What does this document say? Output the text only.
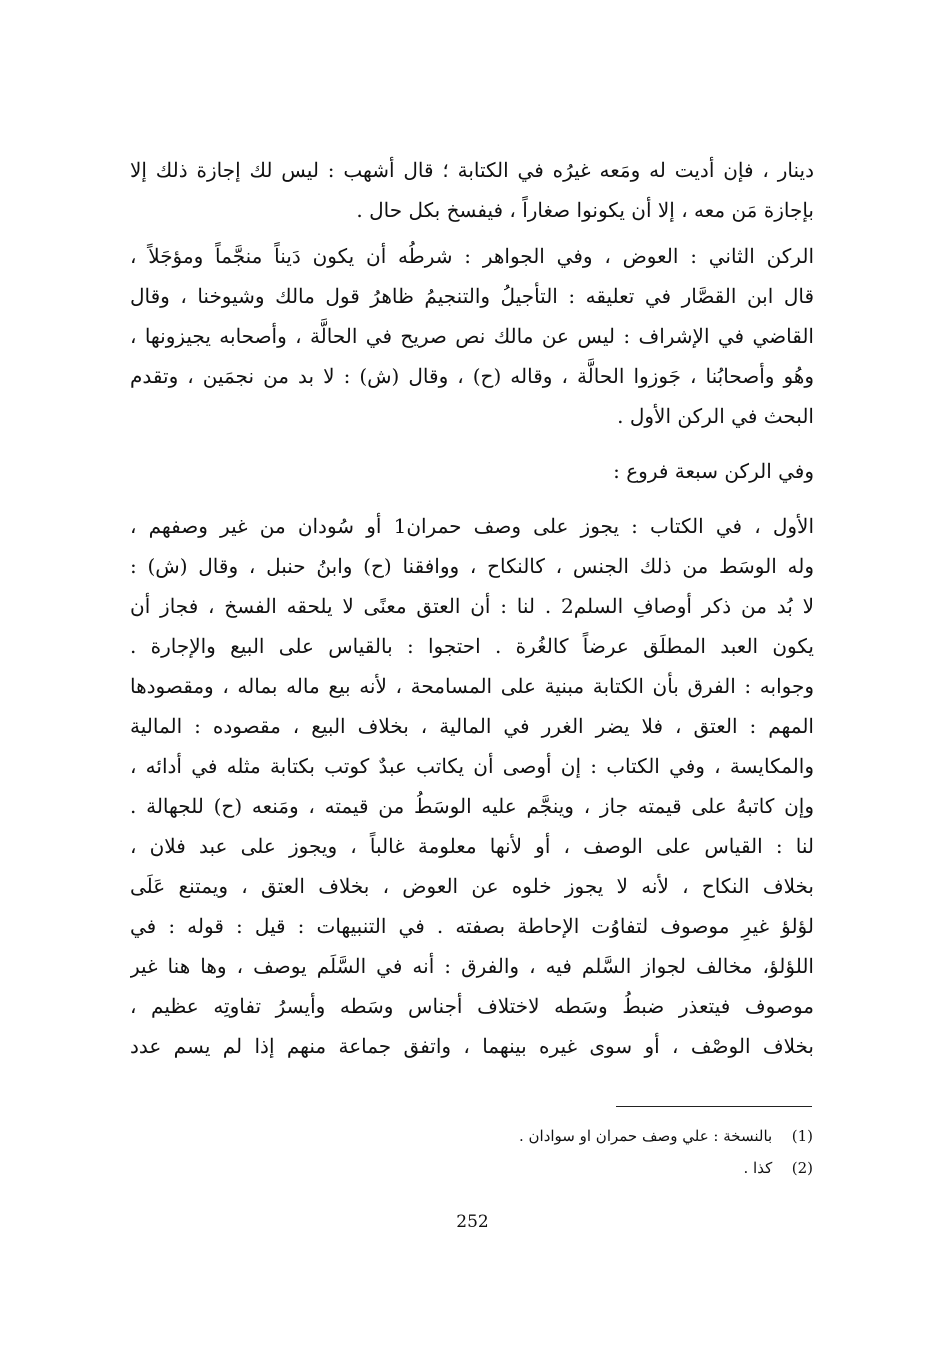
دينار ، فإن أديت له ومَعه غيرُه في الكتابة ؛ قال أشهب : ليس لك إجازة ذلك إلا
بإجازة مَن معه ، إلا أن يكونوا صغاراً ، فيفسخ بكل حال .
الركن الثاني : العوض ، وفي الجواهر : شرطُه أن يكون دَيناً منجَّماً ومؤجَلاً ،
قال ابن القصَّار في تعليقه : التأجيلُ والتنجيمُ ظاهرُ قول مالك وشيوخنا ، وقال
القاضي في الإشراف : ليس عن مالك نص صريح في الحالَّة ، وأصحابه يجيزونها ،
وهُو وأصحابُنا ، جَوزوا الحالَّة ، وقاله (ح) ، وقال (ش) : لا بد من نجمَين ، وتقدم
البحث في الركن الأول .
وفي الركن سبعة فروع :
الأول ، في الكتاب : يجوز على وصف حمران1 أو سُودان من غير وصفهم ،
وله الوسَط من ذلك الجنس ، كالنكاح ، ووافقنا (ح) وابنُ حنبل ، وقال (ش) :
لا بُد من ذكر أوصافِ السلم2 . لنا : أن العتق معنًى لا يلحقه الفسخ ، فجاز أن
يكون العبد المطلَق عرضاً كالغُرة . احتجوا : بالقياس على البيع والإجارة .
وجوابه : الفرق بأن الكتابة مبنية على المسامحة ، لأنه بيع ماله بماله ، ومقصودها
المهم : العتق ، فلا يضر الغرر في المالية ، بخلاف البيع ، مقصوده : المالية
والمكايسة ، وفي الكتاب : إن أوصى أن يكاتب عبدٌ كوتب بكتابة مثله في أدائه ،
وإن كاتبهُ على قيمته جاز ، وينجَّم عليه الوسَطُ من قيمته ، ومَنعه (ح) للجهالة .
لنا : القياس على الوصف ، أو لأنها معلومة غالباً ، ويجوز على عبد فلان ،
بخلاف النكاح ، لأنه لا يجوز خلوه عن العوض ، بخلاف العتق ، ويمتنع عَلَى
لؤلؤ غيرِ موصوف لتفاوُت الإحاطة بصفته . في التنبيهات : قيل : قوله : في
اللؤلؤ، مخالف لجواز السَّلم فيه ، والفرق : أنه في السَّلَم يوصف ، وها هنا غير
موصوف فيتعذر ضبطُ وسَطه لاختلاف أجناس وسَطه وأيسرُ تفاوتِه عظيم ،
بخلاف الوصْف ، أو سوى غيره بينهما ، واتفق جماعة منهم إذا لم يسم عدد
(1) بالنسخة : علي وصف حمران او سوادان .
(2) كذا .
252
